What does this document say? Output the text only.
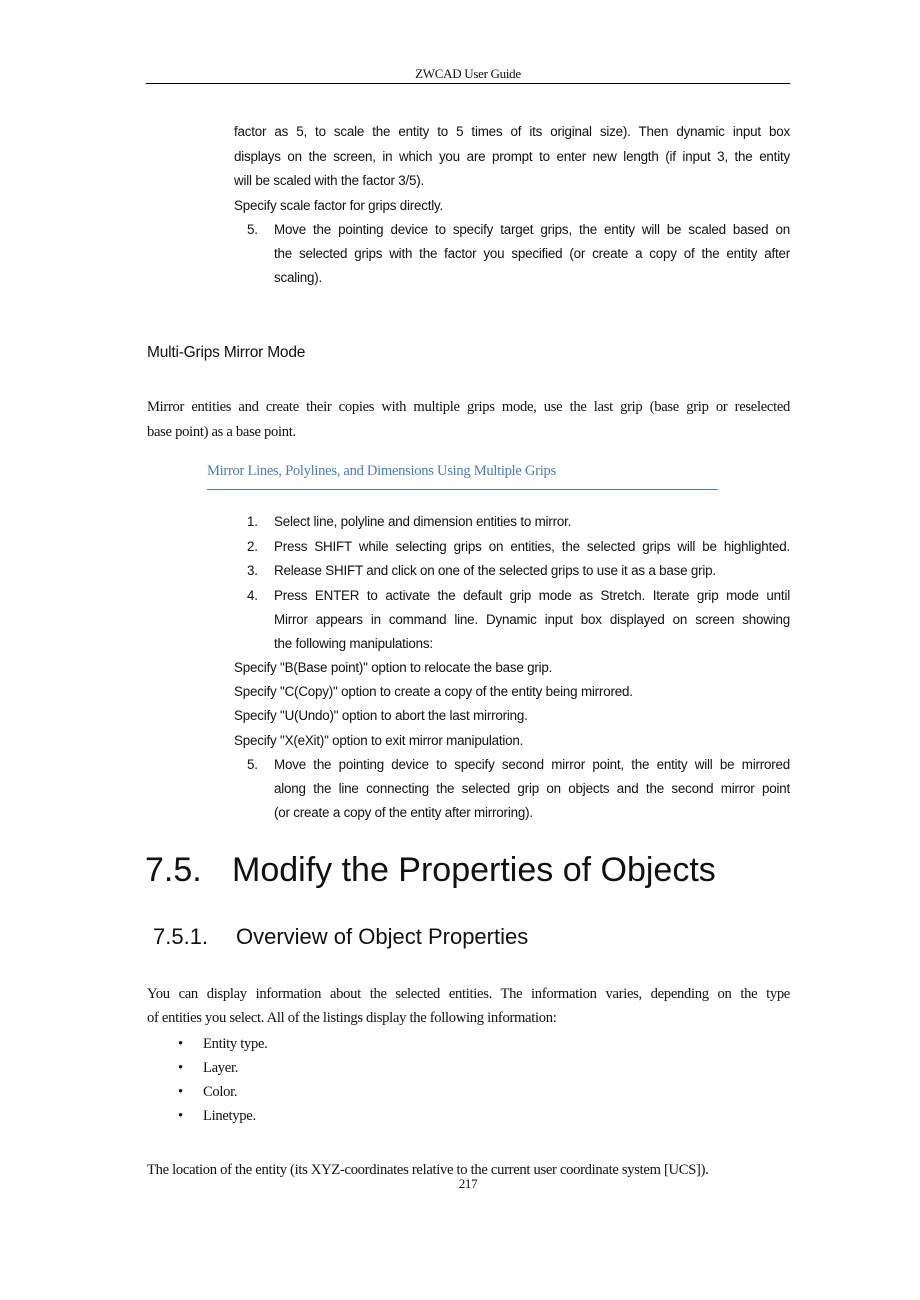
ZWCAD User Guide
factor as 5, to scale the entity to 5 times of its original size). Then dynamic input box
displays on the screen, in which you are prompt to enter new length (if input 3, the entity
will be scaled with the factor 3/5).
Specify scale factor for grips directly.
5. Move the pointing device to specify target grips, the entity will be scaled based on
the selected grips with the factor you specified (or create a copy of the entity after
scaling).
Multi-Grips Mirror Mode
Mirror entities and create their copies with multiple grips mode, use the last grip (base grip or reselected
base point) as a base point.
Mirror Lines, Polylines, and Dimensions Using Multiple Grips
1. Select line, polyline and dimension entities to mirror.
2. Press SHIFT while selecting grips on entities, the selected grips will be highlighted.
3. Release SHIFT and click on one of the selected grips to use it as a base grip.
4. Press ENTER to activate the default grip mode as Stretch. Iterate grip mode until
Mirror appears in command line. Dynamic input box displayed on screen showing
the following manipulations:
Specify "B(Base point)" option to relocate the base grip.
Specify "C(Copy)" option to create a copy of the entity being mirrored.
Specify "U(Undo)" option to abort the last mirroring.
Specify "X(eXit)" option to exit mirror manipulation.
5. Move the pointing device to specify second mirror point, the entity will be mirrored
along the line connecting the selected grip on objects and the second mirror point
(or create a copy of the entity after mirroring).
7.5. Modify the Properties of Objects
7.5.1. Overview of Object Properties
You can display information about the selected entities. The information varies, depending on the type
of entities you select. All of the listings display the following information:
• Entity type.
• Layer.
• Color.
• Linetype.
The location of the entity (its XYZ-coordinates relative to the current user coordinate system [UCS]).
217
